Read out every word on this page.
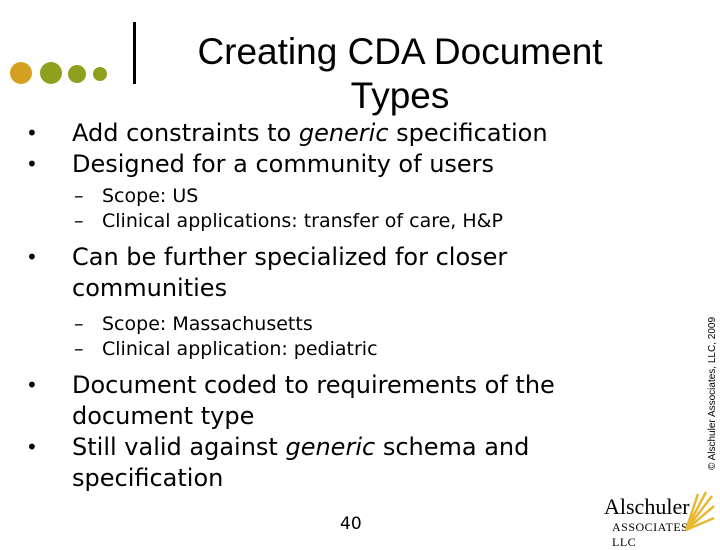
Creating CDA Document Types
•	Add constraints to generic specification
•	Designed for a community of users
– Scope: US
– Clinical applications: transfer of care, H&P
•	Can be further specialized for closer communities
– Scope: Massachusetts
– Clinical application: pediatric
•	Document coded to requirements of the document type
•	Still valid against generic schema and specification
40
© Alschuler Associates, LLC, 2009
Alschuler
ASSOCIATES LLC
